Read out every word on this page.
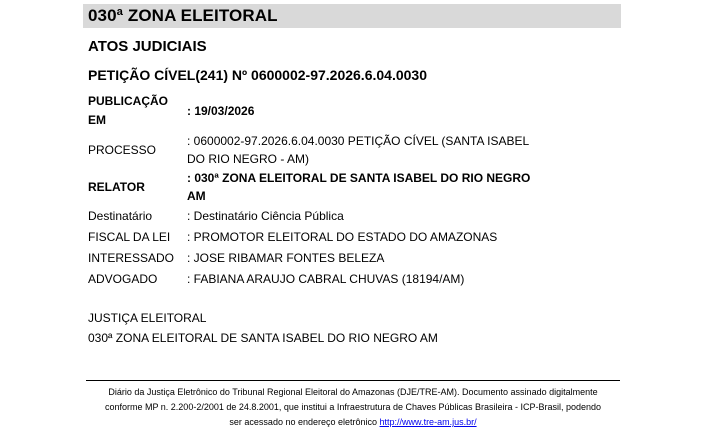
030ª ZONA ELEITORAL
ATOS JUDICIAIS
PETIÇÃO CÍVEL(241) Nº 0600002-97.2026.6.04.0030
PUBLICAÇÃO EM	: 19/03/2026
PROCESSO	: 0600002-97.2026.6.04.0030 PETIÇÃO CÍVEL (SANTA ISABEL DO RIO NEGRO - AM)
RELATOR	: 030ª ZONA ELEITORAL DE SANTA ISABEL DO RIO NEGRO AM
Destinatário	: Destinatário Ciência Pública
FISCAL DA LEI	: PROMOTOR ELEITORAL DO ESTADO DO AMAZONAS
INTERESSADO	: JOSE RIBAMAR FONTES BELEZA
ADVOGADO	: FABIANA ARAUJO CABRAL CHUVAS (18194/AM)
JUSTIÇA ELEITORAL
030ª ZONA ELEITORAL DE SANTA ISABEL DO RIO NEGRO AM
Diário da Justiça Eletrônico do Tribunal Regional Eleitoral do Amazonas (DJE/TRE-AM). Documento assinado digitalmente
conforme MP n. 2.200-2/2001 de 24.8.2001, que institui a Infraestrutura de Chaves Públicas Brasileira - ICP-Brasil, podendo
ser acessado no endereço eletrônico http://www.tre-am.jus.br/
